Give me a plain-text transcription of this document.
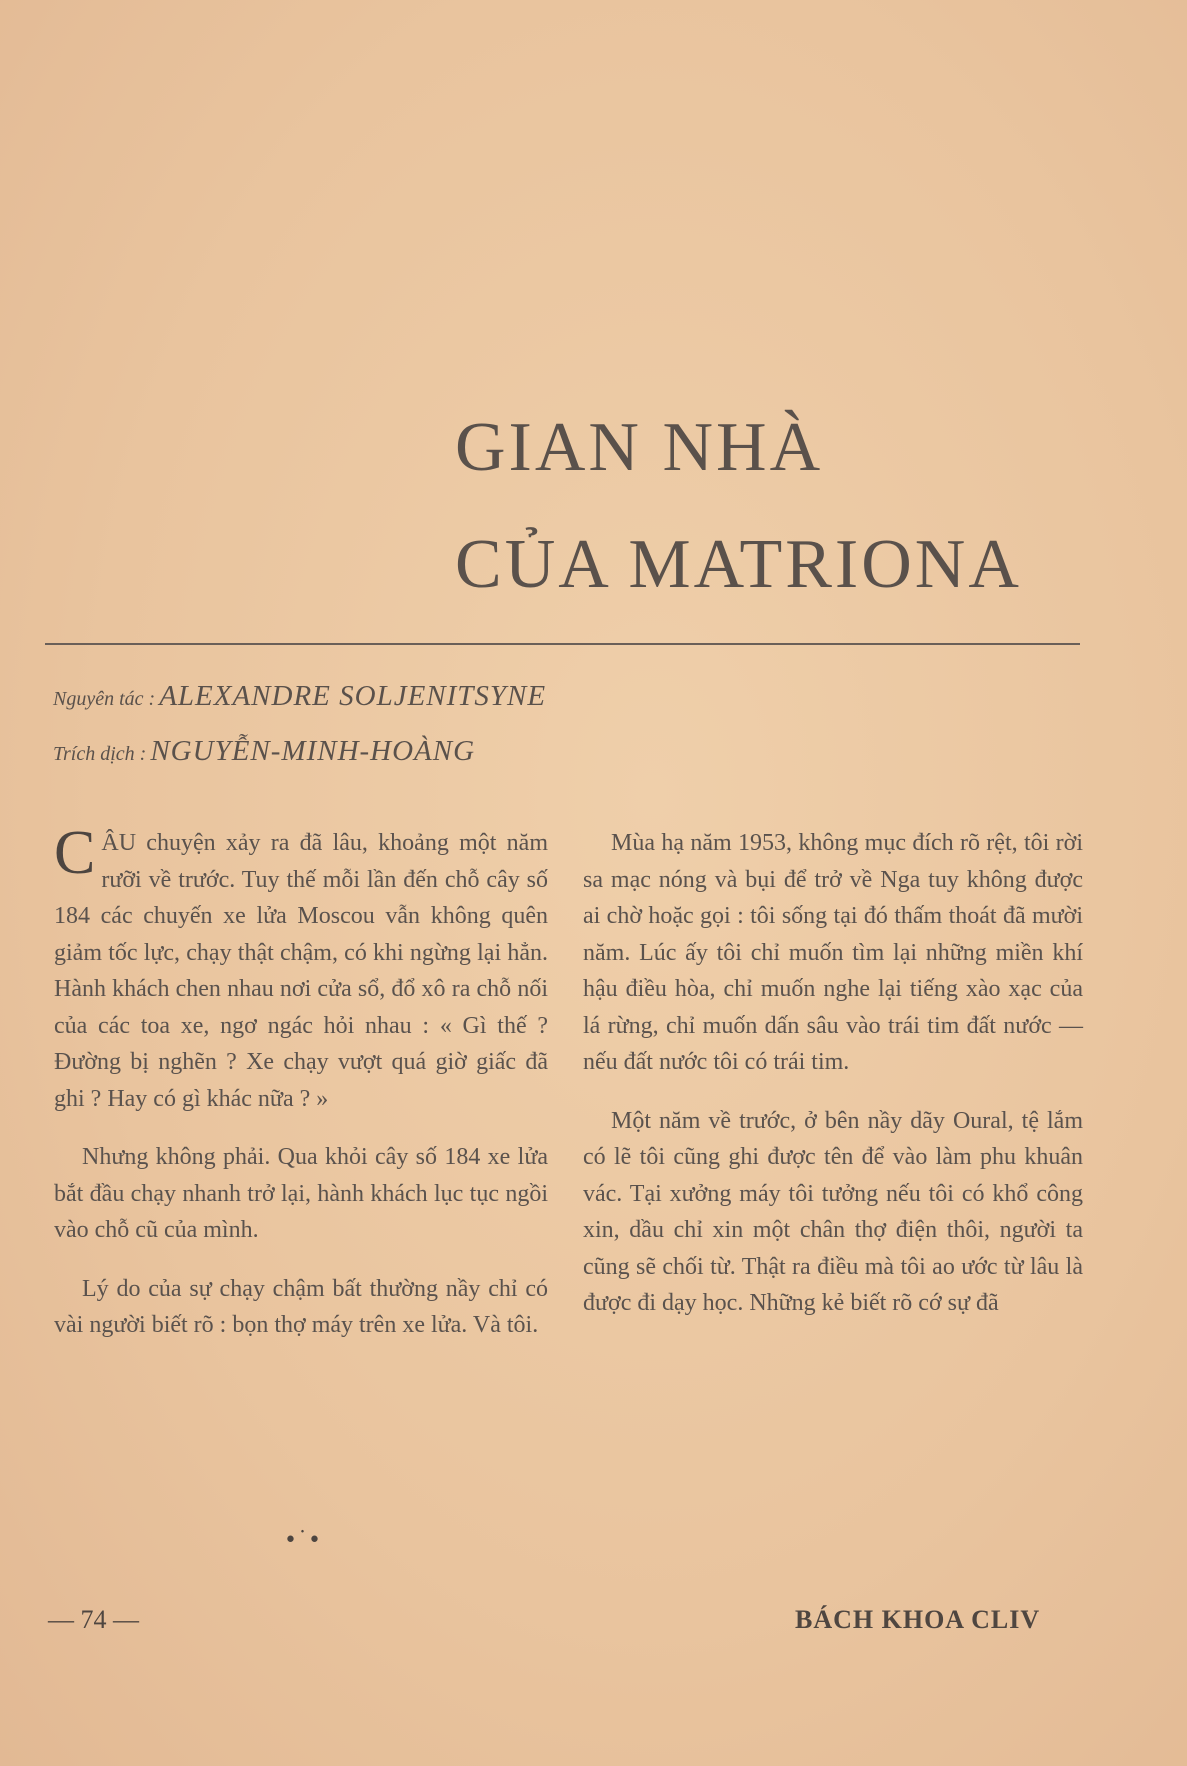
GIAN NHÀ
CỦA MATRIONA
Nguyên tác : ALEXANDRE SOLJENITSYNE
Trích dịch : NGUYỄN-MINH-HOÀNG

CÂU chuyện xảy ra đã lâu, khoảng một năm rưỡi về trước. Tuy thế mỗi lần đến chỗ cây số 184 các chuyến xe lửa Moscou vẫn không quên giảm tốc lực, chạy thật chậm, có khi ngừng lại hẳn. Hành khách chen nhau nơi cửa sổ, đổ xô ra chỗ nối của các toa xe, ngơ ngác hỏi nhau : « Gì thế ? Đường bị nghẽn ? Xe chạy vượt quá giờ giấc đã ghi ? Hay có gì khác nữa ? »

Nhưng không phải. Qua khỏi cây số 184 xe lửa bắt đầu chạy nhanh trở lại, hành khách lục tục ngồi vào chỗ cũ của mình.

Lý do của sự chạy chậm bất thường nầy chỉ có vài người biết rõ : bọn thợ máy trên xe lửa. Và tôi.

•˙•

Mùa hạ năm 1953, không mục đích rõ rệt, tôi rời sa mạc nóng và bụi để trở về Nga tuy không được ai chờ hoặc gọi : tôi sống tại đó thấm thoát đã mười năm. Lúc ấy tôi chỉ muốn tìm lại những miền khí hậu điều hòa, chỉ muốn nghe lại tiếng xào xạc của lá rừng, chỉ muốn dấn sâu vào trái tim đất nước — nếu đất nước tôi có trái tim.

Một năm về trước, ở bên nầy dãy Oural, tệ lắm có lẽ tôi cũng ghi được tên để vào làm phu khuân vác. Tại xưởng máy tôi tưởng nếu tôi có khổ công xin, dầu chỉ xin một chân thợ điện thôi, người ta cũng sẽ chối từ. Thật ra điều mà tôi ao ước từ lâu là được đi dạy học. Những kẻ biết rõ cớ sự đã

— 74 —	BÁCH KHOA CLIV
